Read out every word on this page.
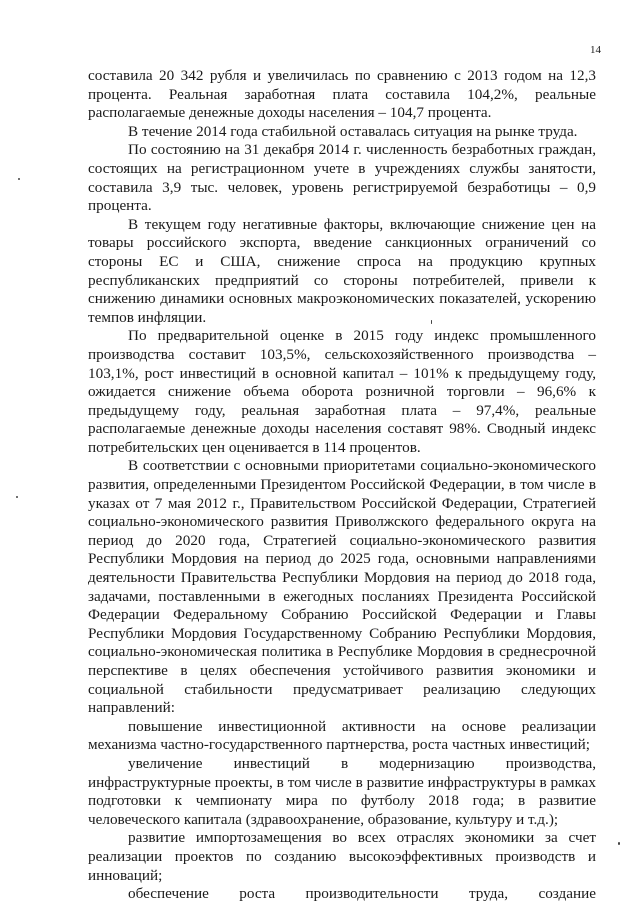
14

составила 20 342 рубля и увеличилась по сравнению с 2013 годом на 12,3 процента. Реальная заработная плата составила 104,2%, реальные располагаемые денежные доходы населения – 104,7 процента.

В течение 2014 года стабильной оставалась ситуация на рынке труда.

По состоянию на 31 декабря 2014 г. численность безработных граждан, состоящих на регистрационном учете в учреждениях службы занятости, составила 3,9 тыс. человек, уровень регистрируемой безработицы – 0,9 процента.

В текущем году негативные факторы, включающие снижение цен на товары российского экспорта, введение санкционных ограничений со стороны ЕС и США, снижение спроса на продукцию крупных республиканских предприятий со стороны потребителей, привели к снижению динамики основных макроэкономических показателей, ускорению темпов инфляции.

По предварительной оценке в 2015 году индекс промышленного производства составит 103,5%, сельскохозяйственного производства – 103,1%, рост инвестиций в основной капитал – 101% к предыдущему году, ожидается снижение объема оборота розничной торговли – 96,6% к предыдущему году, реальная заработная плата – 97,4%, реальные располагаемые денежные доходы населения составят 98%. Сводный индекс потребительских цен оценивается в 114 процентов.

В соответствии с основными приоритетами социально-экономического развития, определенными Президентом Российской Федерации, в том числе в указах от 7 мая 2012 г., Правительством Российской Федерации, Стратегией социально-экономического развития Приволжского федерального округа на период до 2020 года, Стратегией социально-экономического развития Республики Мордовия на период до 2025 года, основными направлениями деятельности Правительства Республики Мордовия на период до 2018 года, задачами, поставленными в ежегодных посланиях Президента Российской Федерации Федеральному Собранию Российской Федерации и Главы Республики Мордовия Государственному Собранию Республики Мордовия, социально-экономическая политика в Республике Мордовия в среднесрочной перспективе в целях обеспечения устойчивого развития экономики и социальной стабильности предусматривает реализацию следующих направлений:

повышение инвестиционной активности на основе реализации механизма частно-государственного партнерства, роста частных инвестиций;

увеличение инвестиций в модернизацию производства, инфраструктурные проекты, в том числе в развитие инфраструктуры в рамках подготовки к чемпионату мира по футболу 2018 года; в развитие человеческого капитала (здравоохранение, образование, культуру и т.д.);

развитие импортозамещения во всех отраслях экономики за счет реализации проектов по созданию высокоэффективных производств и инноваций;

обеспечение роста производительности труда, создание
